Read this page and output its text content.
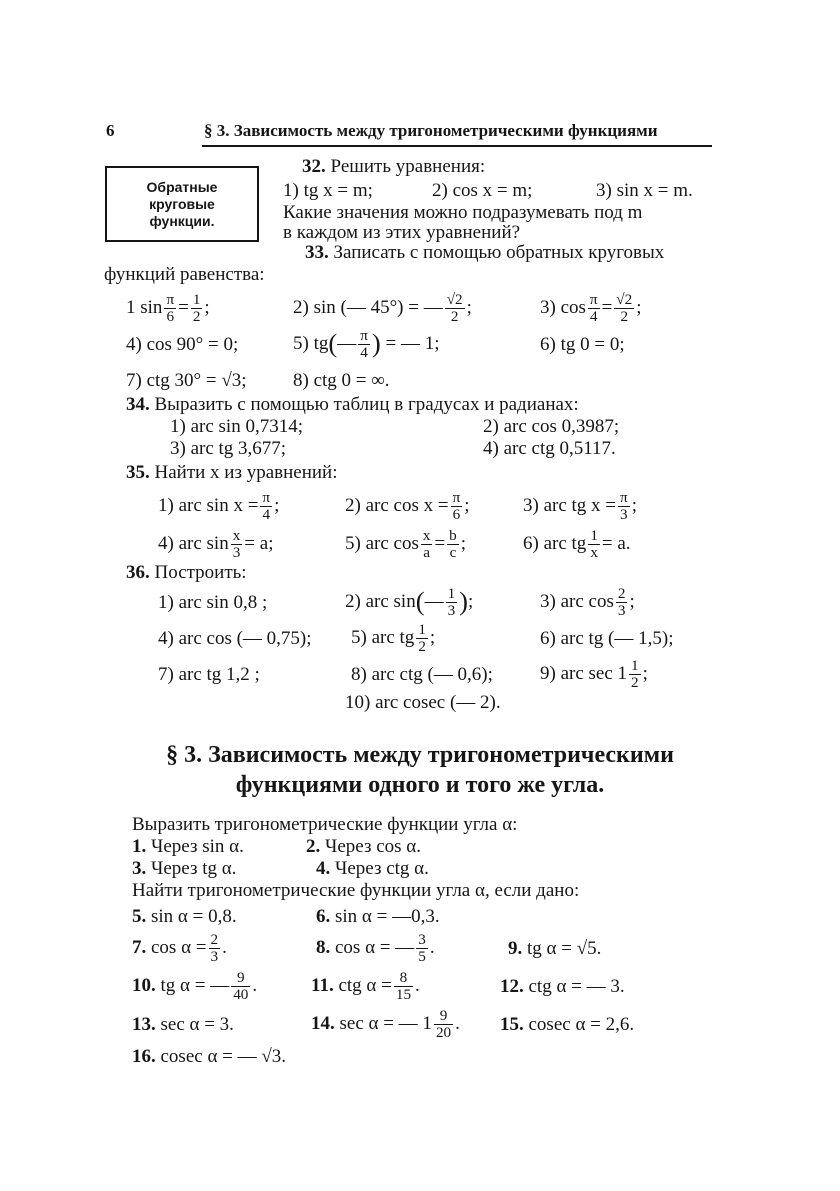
6	§ 3. Зависимость между тригонометрическими функциями
Обратные
круговые
функции.
32. Решить уравнения:
1) tg x = m;	2) cos x = m;	3) sin x = m.
Какие значения можно подразумевать под m
в каждом из этих уравнений?
33. Записать с помощью обратных круговых
функций равенства:
1 $\sin \frac{\pi}{6} = \frac{1}{2}$ ;	2) sin (— 45°) = — $\frac{√2}{2}$ ;	3) $\cos \frac{\pi}{4} = \frac{√2}{2}$ ;
4) cos 90° = 0;	5) tg(— $\frac{\pi}{4}$ ) = — 1;	6) tg 0 = 0;
7) ctg 30° = √3; 8) ctg 0 = ∞.
34. Выразить с помощью таблиц в градусах и радианах:
1) arc sin 0,7314;	2) arc cos 0,3987;
3) arc tg 3,677;	4) arc ctg 0,5117.
35. Найти x из уравнений:
1) arc $\sin x = \frac{\pi}{4}$ ;	2) arc $\cos x = \frac{\pi}{6}$ ;	3) arc tg $x = \frac{\pi}{3}$ ;
4) arc $\sin \frac{x}{3} = a$;	5) arc $\cos \frac{x}{a} = \frac{b}{c}$ ;	6) arc tg $\frac{1}{x} = a$.
36. Построить:
1) arc sin 0,8 ;	2) arc sin(— $\frac{1}{3}$ );	3) arc $\cos \frac{2}{3}$ ;
4) arc cos (— 0,75); 5) arc tg $\frac{1}{2}$ ;	6) arc tg (— 1,5);
7) arc tg 1,2 ;	8) arc ctg (— 0,6); 9) arc $\sec 1 \frac{1}{2}$ ;
10) arc cosec (— 2).
§ 3. Зависимость между тригонометрическими
функциями одного и того же угла.
Выразить тригонометрические функции угла α:
1. Через sin α.	2. Через cos α.
3. Через tg α.	4. Через ctg α.
Найти тригонометрические функции угла α, если дано:
5. sin α = 0,8.	6. sin α = —0,3.
7. $\cos \alpha = \frac{2}{3}$ .	8. cos α = — $\frac{3}{5}$ .	9. tg α = √5.
10. tg α = — $\frac{9}{40}$ .	11. ctg $\alpha = \frac{8}{15}$ .	12. ctg α = — 3.
13. sec α = 3.	14. sec α = — $1 \frac{9}{20}$ . 15. cosec α = 2,6.
16. cosec α = — √3.
